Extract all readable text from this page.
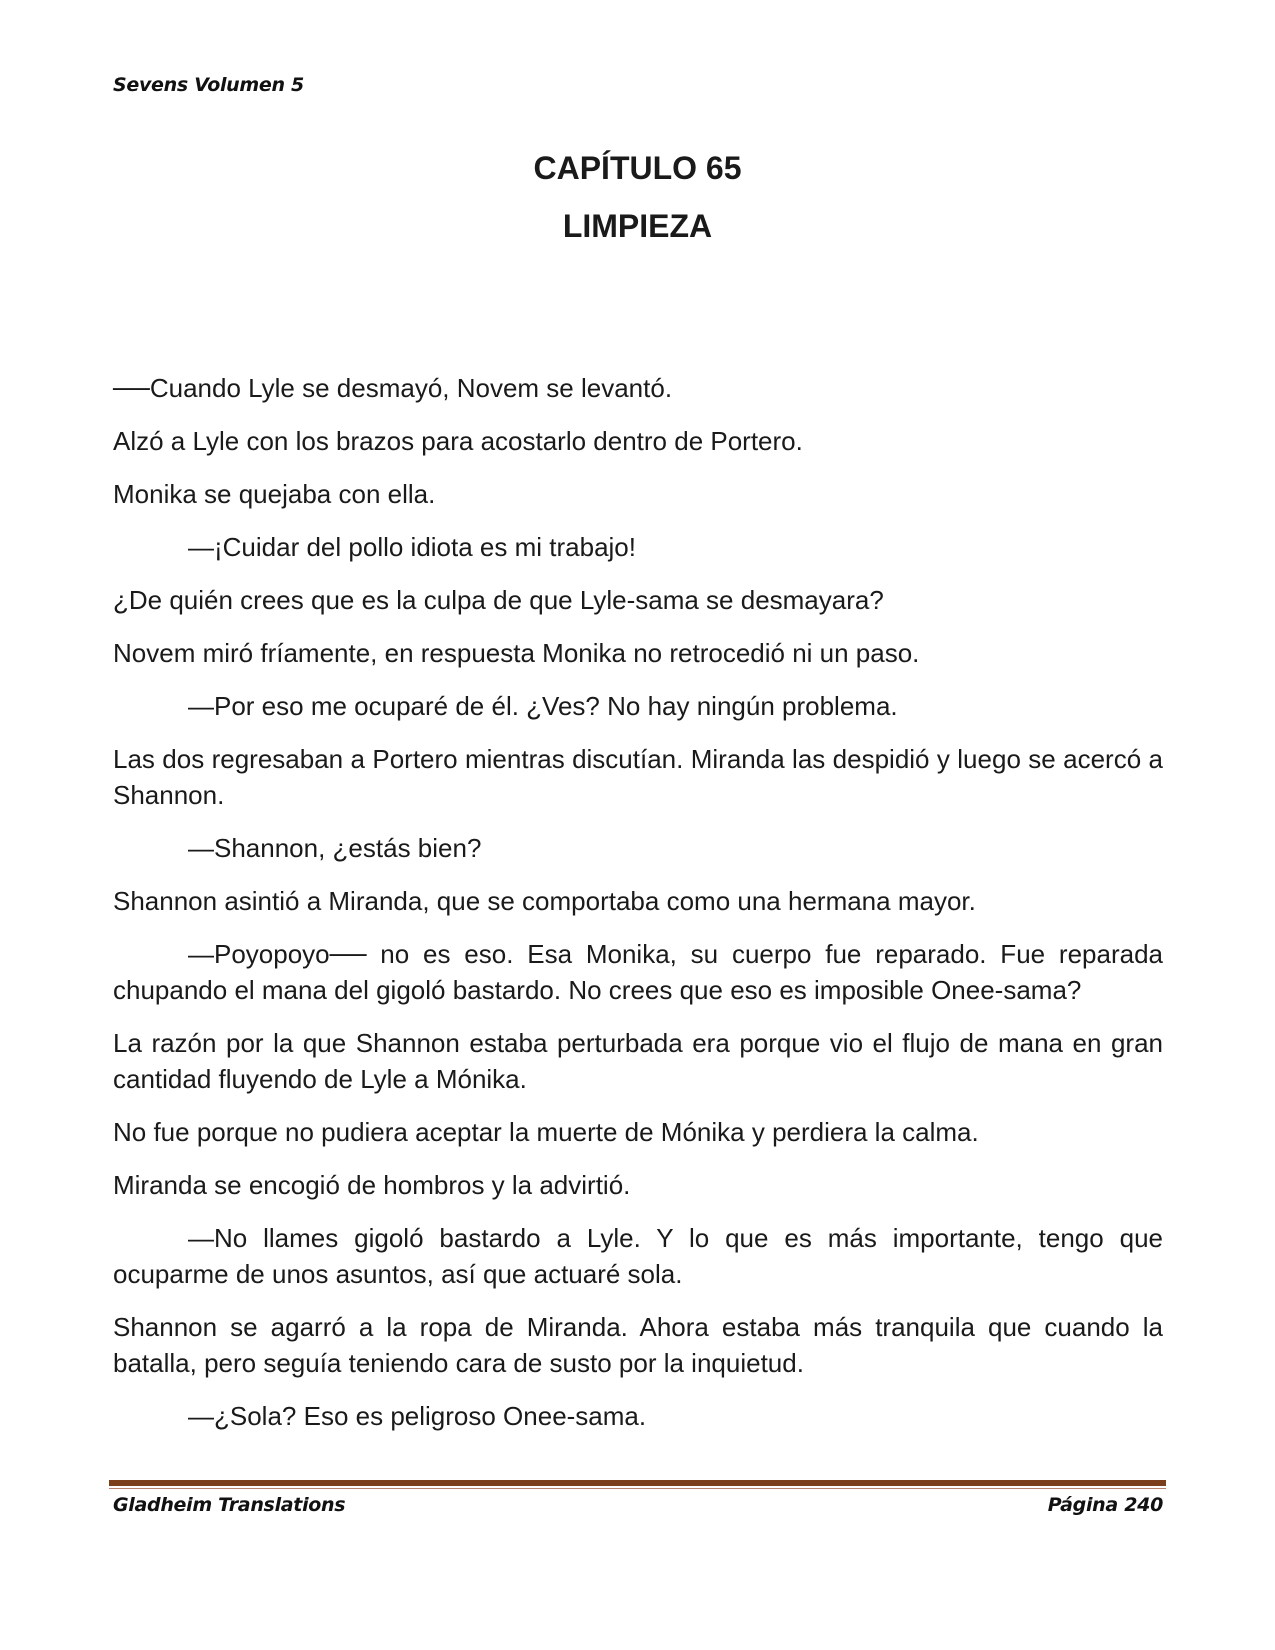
Sevens Volumen 5
CAPÍTULO 65
LIMPIEZA

──Cuando Lyle se desmayó, Novem se levantó.

Alzó a Lyle con los brazos para acostarlo dentro de Portero.

Monika se quejaba con ella.

—¡Cuidar del pollo idiota es mi trabajo!

¿De quién crees que es la culpa de que Lyle-sama se desmayara?

Novem miró fríamente, en respuesta Monika no retrocedió ni un paso.

—Por eso me ocuparé de él. ¿Ves? No hay ningún problema.

Las dos regresaban a Portero mientras discutían. Miranda las despidió y luego se acercó a Shannon.

—Shannon, ¿estás bien?

Shannon asintió a Miranda, que se comportaba como una hermana mayor.

—Poyopoyo── no es eso. Esa Monika, su cuerpo fue reparado. Fue reparada chupando el mana del gigoló bastardo. No crees que eso es imposible Onee-sama?

La razón por la que Shannon estaba perturbada era porque vio el flujo de mana en gran cantidad fluyendo de Lyle a Mónika.

No fue porque no pudiera aceptar la muerte de Mónika y perdiera la calma.

Miranda se encogió de hombros y la advirtió.

—No llames gigoló bastardo a Lyle. Y lo que es más importante, tengo que ocuparme de unos asuntos, así que actuaré sola.

Shannon se agarró a la ropa de Miranda. Ahora estaba más tranquila que cuando la batalla, pero seguía teniendo cara de susto por la inquietud.

—¿Sola? Eso es peligroso Onee-sama.

Gladheim Translations	Página 240
